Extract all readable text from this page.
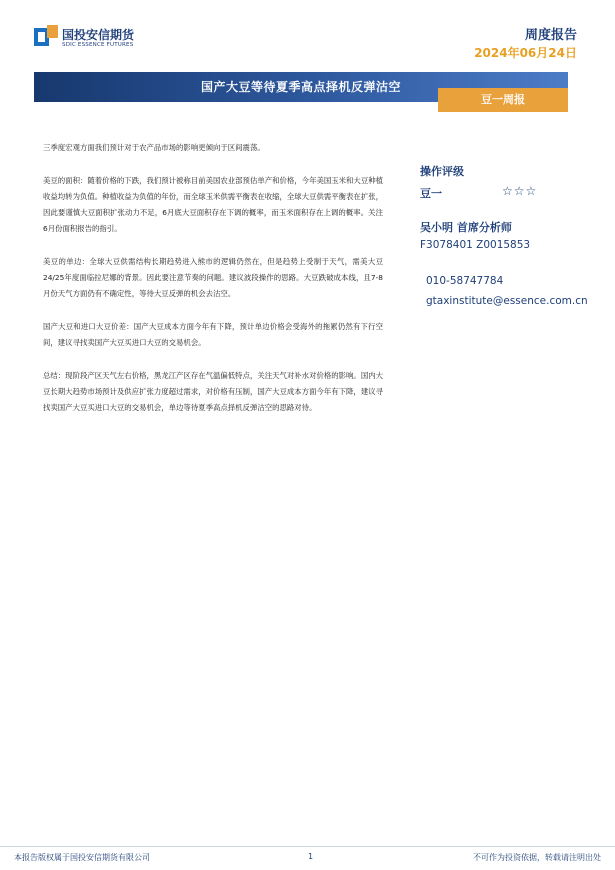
国投安信期货
SDIC ESSENCE FUTURES
周度报告
2024年06月24日
国产大豆等待夏季高点择机反弹沽空
豆一周报

三季度宏观方面我们预计对于农产品市场的影响更倾向于区间震荡。

美豆的面积：随着价格的下跌，我们预计被称目前美国农业部预估单产和价格，今年美国玉米和大豆种植收益均转为负值。种植收益为负值的年份，而全球玉米供需平衡表在收缩，全球大豆供需平衡表在扩张，因此要谨慎大豆面积扩张动力不足，6月底大豆面积存在下调的概率，而玉米面积存在上调的概率。关注6月份面积报告的指引。

美豆的单边：全球大豆供需结构长期趋势进入熊市的逻辑仍然在，但是趋势上受制于天气，需美大豆24/25年度面临拉尼娜的背景。因此要注意节奏的问题。建议波段操作的思路。大豆跌破成本线，且7-8月份天气方面仍有不确定性，等待大豆反弹的机会去沽空。

国产大豆和进口大豆价差：国产大豆成本方面今年有下降，预计单边价格会受海外的拖累仍然有下行空间，建议寻找卖国产大豆买进口大豆的交易机会。

总结：现阶段产区天气左右价格，黑龙江产区存在气温偏低特点，关注天气对补水对价格的影响。国内大豆长期大趋势市场预计及供应扩张力度超过需求，对价格有压制，国产大豆成本方面今年有下降，建议寻找卖国产大豆买进口大豆的交易机会，单边等待夏季高点择机反弹沽空的思路对待。

操作评级
豆一	☆☆☆
吴小明 首席分析师
F3078401 Z0015853
010-58747784
gtaxinstitute@essence.com.cn
本报告版权属于国投安信期货有限公司	1	不可作为投资依据，转载请注明出处
